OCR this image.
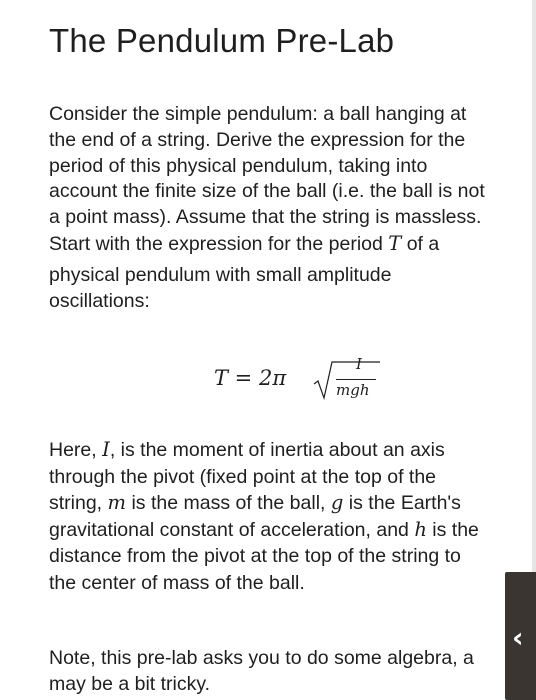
The Pendulum Pre-Lab
Consider the simple pendulum: a ball hanging at
the end of a string. Derive the expression for the
period of this physical pendulum, taking into
account the finite size of the ball (i.e. the ball is not
a point mass). Assume that the string is massless.
Start with the expression for the period T of a
physical pendulum with small amplitude
oscillations:
T = 2π
I
mgh
Here, I, is the moment of inertia about an axis
through the pivot (fixed point at the top of the
string, m is the mass of the ball, g is the Earth's
gravitational constant of acceleration, and h is the
distance from the pivot at the top of the string to
the center of mass of the ball.
Note, this pre-lab asks you to do some algebra, a
may be a bit tricky.
‹
